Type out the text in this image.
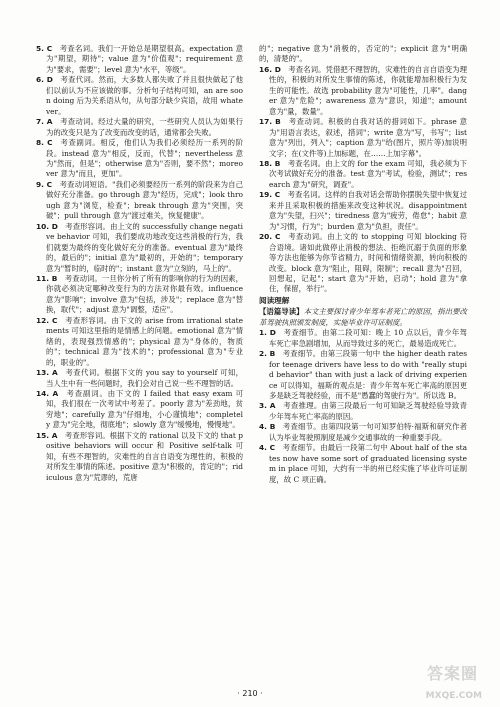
5. C  考查名词。我们一开始总是期望很高。expectation 意为"期望，期待"；value 意为"价值观"；requirement 意为"要求，需要"；level 意为"水平，等级"。

6. D  考查代词。然而，大多数人都失败了并且很快做起了他们以前认为不应该做的事。分析句子结构可知，an are soon doing 后为关系语从句，从句部分缺少宾语，故用 whatever。

7. A  考查动词。经过大量的研究，一些研究人员认为如果行为的改变只是为了改变而改变的话，通常都会失败。

8. C  考查副词。相反，他们认为我们必须经历一系列的阶段。instead 意为"相反，反而，代替"；nevertheless 意为"然而，但是"；otherwise 意为"否则，要不然"；moreover 意为"而且，更加"。

9. C  考查动词短语。"我们必须要经历一系列的阶段来为自己做好充分准备。go through 意为"经历，完成"；look through 意为"浏览，检查"；break through 意为"突围，突破"；pull through 意为"渡过难关，恢复健康"。

10. D  考查形容词。由上文的 successfully change negative behavior 可知，我们要成功地改变这些消极的行为，我们就要为最终的变化做好充分的准备。eventual 意为"最终的，最后的"；initial 意为"最初的，开始的"；temporary 意为"暂时的，临时的"；instant 意为"立刻的，马上的"。

11. B  考查动词。一旦你分析了所有的影响你的行为的因素，你就必须决定哪种改变行为的方法对你最有效。influence 意为"影响"；involve 意为"包括，涉及"；replace 意为"替换，取代"；adjust 意为"调整，适应"。

12. C  考查形容词。由下文的 arise from irrational statements 可知这里指的是情感上的问题。emotional 意为"情绪的，表现强烈情感的"；physical 意为"身体的，物质的"；technical 意为"技术的"；professional 意为"专业的，职业的"。

13. A  考查代词。根据下文的 you say to yourself 可知，当人生中有一些问题时，我们会对自己说一些不理智的话。

14. A  考查副词。由下文的 I failed that easy exam 可知，我们很在一次考试中考差了。poorly 意为"差劲地，贫穷地"；carefully 意为"仔细地，小心谨慎地"；completely 意为"完全地，彻底地"；slowly 意为"缓慢地，慢慢地"。

15. A  考查形容词。根据下文的 rational 以及下文的 that positive behaviors will occur 和 Positive self-talk 可知，有些不理智的，灾难性的自言自语变为理性的，积极的对所发生事情的陈述。positive 意为"积极的，肯定的"；ridiculous 意为"荒谬的，荒唐

的"；negative 意为"消极的，否定的"；explicit 意为"明确的，清楚的"。

16. D  考查名词。凭借把不理智的，灾难性的自言自语变为理性的，积极的对所发生事情的陈述，你就能增加积极行为发生的可能性。故选 probability 意为"可能性，几率"。danger 意为"危险"；awareness 意为"意识，知道"；amount 意为"量，数量"。

17. B  考查动词。积极的自我对话的措词如下。phrase 意为"用语言表达，叙述，措词"；write 意为"写，书写"；list 意为"列出，列入"；caption 意为"给(图片，照片等)加说明文字；在(文件等)上加标题，在……上加字幕"。

18. B  考查名词。由上文的 for the exam 可知，我必须为下次考试做好充分的准备。test 意为"考试，检验，测试"；research 意为"研究，调查"。

19. C  考查名词。这样的自我对话会帮助你摆脱失望中恢复过来并且采取积极的措施来改变这种状况。disappointment 意为"失望，扫兴"；tiredness 意为"疲劳，倦怠"；habit 意为"习惯，行为"；burden 意为"负担，责任"。

20. C  考查动词。由上文的 to stopping 可知 blocking 符合语境。诸如此做停止消极的想法、拒绝沉溺于负面的形象等方法也能够为你节省精力，时间和情绪资源，转向积极的改变。block 意为"阻止，阻碍，限制"；recall 意为"召回，回想起，记起"；start 意为"开始，启动"；hold 意为"拿住，保留，举行"。

阅读理解

【语篇导读】本文主要探讨青少年驾车者死亡的原因，指出要改革驾驶执照颁发制度，实施毕业许可证制度。

1. D  考查细节。由第二段可知：晚上 10 点以后，青少年驾车死亡率急剧增加，从而导致过多的死亡，最易造成死亡。

2. B  考查细节。由第三段第一句中 the higher death rates for teenage drivers have less to do with "really stupid behavior" than with just a lack of driving experience 可以得知，福斯的观点是：青少年驾车死亡率高的原因更多是缺乏驾驶经验，而不是"愚蠢的驾驶行为"。所以选 B。

3. A  考查推理。由第三段最后一句可知缺乏驾驶经验导致青少年驾车死亡率高的原因。

4. B  考查细节。由第四段第一句可知罗伯特·福斯和研究作者认为毕业驾驶照制度是减少交通事故的一种重要手段。

4. C  考查细节。由最后一段第二句中 About half of the states now have some sort of graduated licensing system in place 可知，大约有一半的州已经实施了毕业许可证制度，故 C 项正确。

· 210 ·
答案圈
MXQE.COM
